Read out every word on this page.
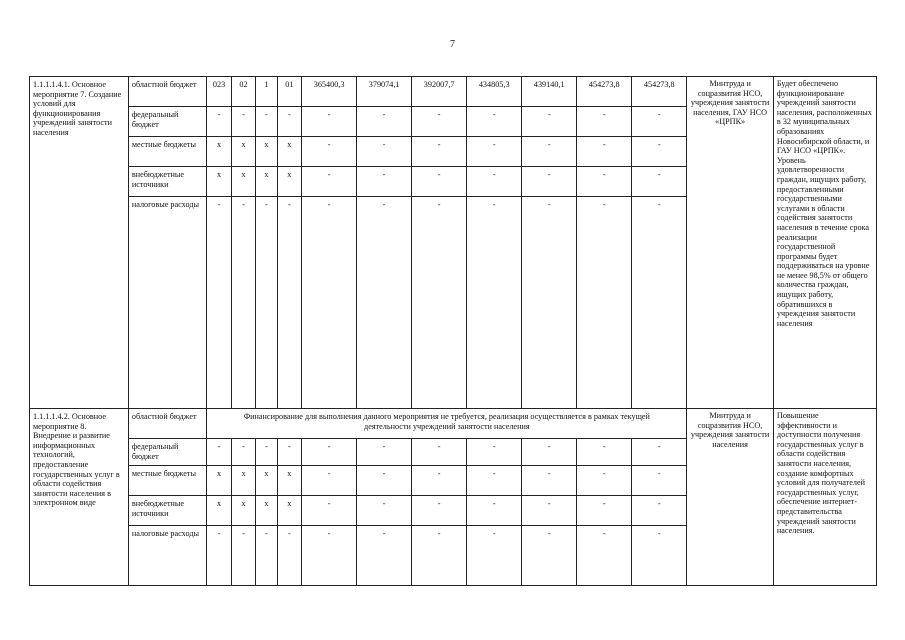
7
1.1.1.1.4.1. Основное мероприятие 7. Создание условий для функционирования учреждений занятости населения	областной бюджет	023	02	1	01	365400,3	379074,1	392007,7	434805,3	439140,1	454273,8	454273,8	Минтруда и соцразвития НСО, учреждения занятости населения, ГАУ НСО «ЦРПК»	Будет обеспечено функционирование учреждений занятости населения, расположенных в 32 муниципальных образованиях Новосибирской области, и ГАУ НСО «ЦРПК». Уровень удовлетворенности граждан, ищущих работу, предоставленными государственными услугами в области содействия занятости населения в течение срока реализации государственной программы будет поддерживаться на уровне не менее 98,5% от общего количества граждан, ищущих работу, обратившихся в учреждения занятости населения
	федеральный бюджет	-	-	-	-	-	-	-	-	-	-	-		
	местные бюджеты	x	x	x	x	-	-	-	-	-	-	-		
	внебюджетные источники	x	x	x	x	-	-	-	-	-	-	-		
	налоговые расходы	-	-	-	-	-	-	-	-	-	-	-		
1.1.1.1.4.2. Основное мероприятие 8. Внедрение и развитие информационных технологий, предоставление государственных услуг в области содействия занятости населения в электронном виде	областной бюджет	Финансирование для выполнения данного мероприятия не требуется, реализация осуществляется в рамках текущей деятельности учреждений занятости населения											Минтруда и соцразвития НСО, учреждения занятости населения	Повышение эффективности и доступности получения государственных услуг в области содействия занятости населения, создание комфортных условий для получателей государственных услуг, обеспечение интернет-представительства учреждений занятости населения.
	федеральный бюджет	-	-	-	-	-	-	-	-	-	-	-		
	местные бюджеты	x	x	x	x	-	-	-	-	-	-	-		
	внебюджетные источники	x	x	x	x	-	-	-	-	-	-	-		
	налоговые расходы	-	-	-	-	-	-	-	-	-	-	-		
